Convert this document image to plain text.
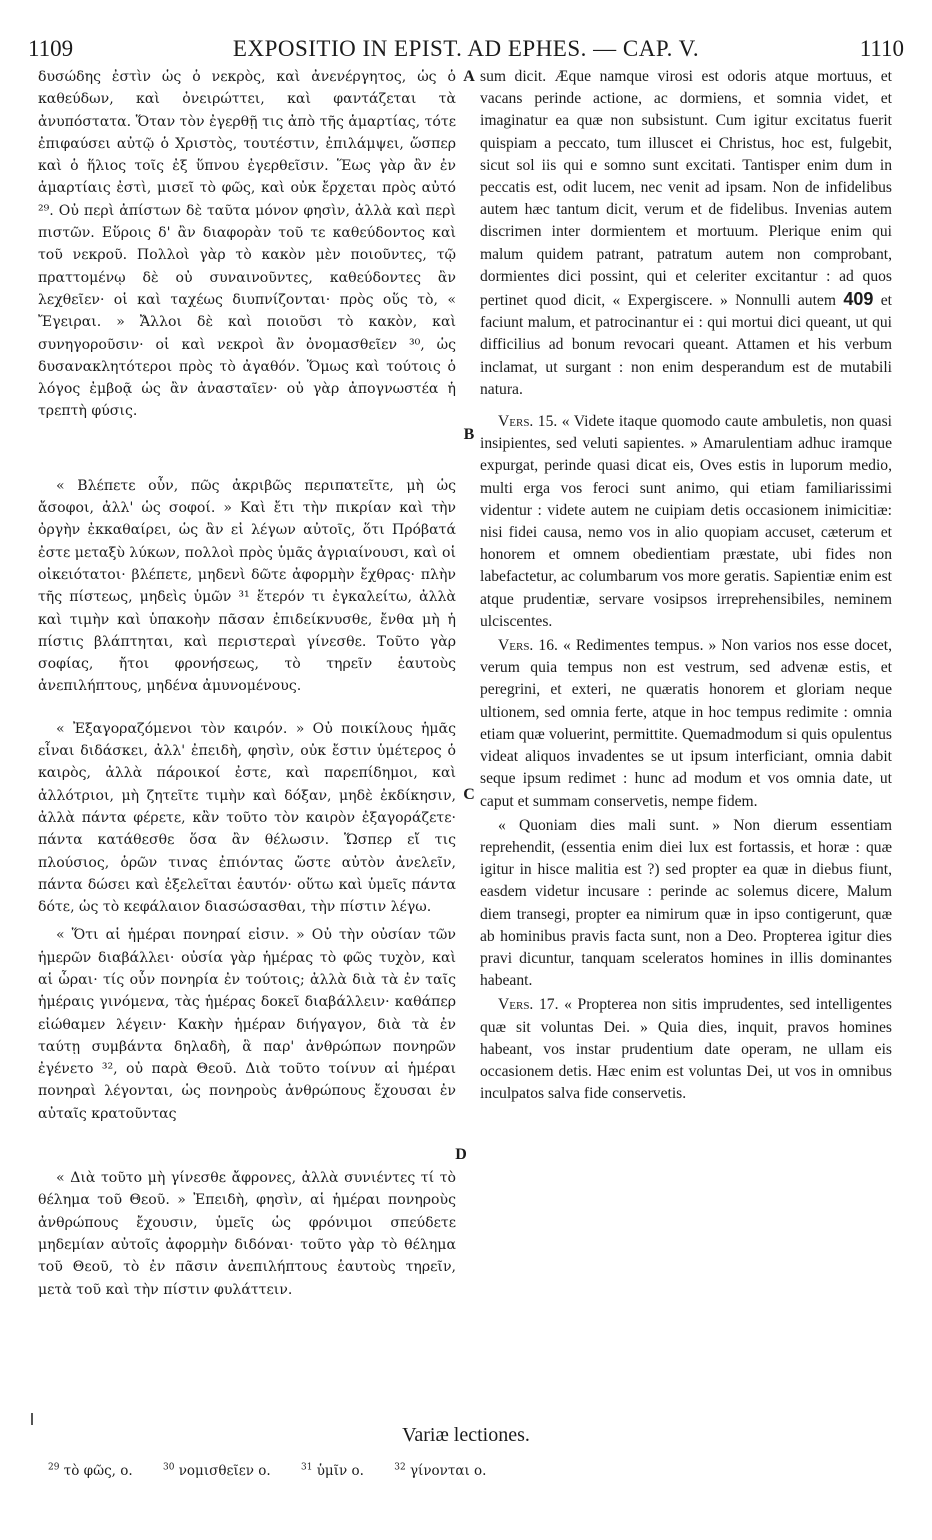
1109	EXPOSITIO IN EPIST. AD EPHES. — CAP. V.	1110

δυσώδης ἐστὶν ὡς ὁ νεκρὸς, καὶ ἀνενέργητος, ὡς ὁ καθεύδων, καὶ ὀνειρώττει, καὶ φαντάζεται τὰ ἀνυπόστατα. Ὅταν τὸν ἐγερθῇ τις ἀπὸ τῆς ἁμαρτίας, τότε ἐπιφαύσει αὐτῷ ὁ Χριστὸς, τουτέστιν, ἐπιλάμψει, ὥσπερ καὶ ὁ ἥλιος τοῖς ἐξ ὕπνου ἐγερθεῖσιν. Ἕως γὰρ ἂν ἐν ἁμαρτίαις ἐστὶ, μισεῖ τὸ φῶς, καὶ οὐκ ἔρχεται πρὸς αὐτό ²⁹. Οὐ περὶ ἀπίστων δὲ ταῦτα μόνον φησὶν, ἀλλὰ καὶ περὶ πιστῶν. Εὕροις δ' ἂν διαφορὰν τοῦ τε καθεύδοντος καὶ τοῦ νεκροῦ. Πολλοὶ γὰρ τὸ κακὸν μὲν ποιοῦντες, τῷ πραττομένῳ δὲ οὐ συναινοῦντες, καθεύδοντες ἂν λεχθεῖεν· οἱ καὶ ταχέως διυπνίζονται· πρὸς οὕς τὸ, « Ἔγειραι. » Ἄλλοι δὲ καὶ ποιοῦσι τὸ κακὸν, καὶ συνηγοροῦσιν· οἱ καὶ νεκροὶ ἂν ὀνομασθεῖεν ³⁰, ὡς δυσανακλητότεροι πρὸς τὸ ἀγαθόν. Ὅμως καὶ τούτοις ὁ λόγος ἐμβοᾷ ὡς ἂν ἀνασταῖεν· οὐ γὰρ ἀπογνωστέα ἡ τρεπτὴ φύσις.

« Βλέπετε οὖν, πῶς ἀκριβῶς περιπατεῖτε, μὴ ὡς ἄσοφοι, ἀλλ' ὡς σοφοί. » Καὶ ἔτι τὴν πικρίαν καὶ τὴν ὀργὴν ἐκκαθαίρει, ὡς ἂν εἰ λέγων αὐτοῖς, ὅτι Πρόβατά ἐστε μεταξὺ λύκων, πολλοὶ πρὸς ὑμᾶς ἀγριαίνουσι, καὶ οἱ οἰκειότατοι· βλέπετε, μηδενὶ δῶτε ἀφορμὴν ἔχθρας· πλὴν τῆς πίστεως, μηδεὶς ὑμῶν ³¹ ἕτερόν τι ἐγκαλείτω, ἀλλὰ καὶ τιμὴν καὶ ὑπακοὴν πᾶσαν ἐπιδείκνυσθε, ἔνθα μὴ ἡ πίστις βλάπτηται, καὶ περιστεραὶ γίνεσθε. Τοῦτο γὰρ σοφίας, ἤτοι φρονήσεως, τὸ τηρεῖν ἑαυτοὺς ἀνεπιλήπτους, μηδένα ἀμυνομένους.

« Ἐξαγοραζόμενοι τὸν καιρόν. » Οὐ ποικίλους ἡμᾶς εἶναι διδάσκει, ἀλλ' ἐπειδὴ, φησὶν, οὐκ ἔστιν ὑμέτερος ὁ καιρὸς, ἀλλὰ πάροικοί ἐστε, καὶ παρεπίδημοι, καὶ ἀλλότριοι, μὴ ζητεῖτε τιμὴν καὶ δόξαν, μηδὲ ἐκδίκησιν, ἀλλὰ πάντα φέρετε, κἂν τοῦτο τὸν καιρὸν ἐξαγοράζετε· πάντα κατάθεσθε ὅσα ἂν θέλωσιν. Ὥσπερ εἴ τις πλούσιος, ὁρῶν τινας ἐπιόντας ὥστε αὐτὸν ἀνελεῖν, πάντα δώσει καὶ ἐξελεῖται ἑαυτόν· οὕτω καὶ ὑμεῖς πάντα δότε, ὡς τὸ κεφάλαιον διασώσασθαι, τὴν πίστιν λέγω.

« Ὅτι αἱ ἡμέραι πονηραί εἰσιν. » Οὐ τὴν οὐσίαν τῶν ἡμερῶν διαβάλλει· οὐσία γὰρ ἡμέρας τὸ φῶς τυχὸν, καὶ αἱ ὧραι· τίς οὖν πονηρία ἐν τούτοις; ἀλλὰ διὰ τὰ ἐν ταῖς ἡμέραις γινόμενα, τὰς ἡμέρας δοκεῖ διαβάλλειν· καθάπερ εἰώθαμεν λέγειν· Κακὴν ἡμέραν διήγαγον, διὰ τὰ ἐν ταύτῃ συμβάντα δηλαδὴ, ἃ παρ' ἀνθρώπων πονηρῶν ἐγένετο ³², οὐ παρὰ Θεοῦ. Διὰ τοῦτο τοίνυν αἱ ἡμέραι πονηραὶ λέγονται, ὡς πονηροὺς ἀνθρώπους ἔχουσαι ἐν αὐταῖς κρατοῦντας

« Διὰ τοῦτο μὴ γίνεσθε ἄφρονες, ἀλλὰ συνιέντες τί τὸ θέλημα τοῦ Θεοῦ. » Ἐπειδὴ, φησὶν, αἱ ἡμέραι πονηροὺς ἀνθρώπους ἔχουσιν, ὑμεῖς ὡς φρόνιμοι σπεύδετε μηδεμίαν αὐτοῖς ἀφορμὴν διδόναι· τοῦτο γὰρ τὸ θέλημα τοῦ Θεοῦ, τὸ ἐν πᾶσιν ἀνεπιλήπτους ἑαυτοὺς τηρεῖν, μετὰ τοῦ καὶ τὴν πίστιν φυλάττειν.

A
B
C
D

sum dicit. Æque namque virosi est odoris atque mortuus, et vacans perinde actione, ac dormiens, et somnia videt, et imaginatur ea quæ non subsistunt. Cum igitur excitatus fuerit quispiam a peccato, tum illuscet ei Christus, hoc est, fulgebit, sicut sol iis qui e somno sunt excitati. Tantisper enim dum in peccatis est, odit lucem, nec venit ad ipsam. Non de infidelibus autem hæc tantum dicit, verum et de fidelibus. Invenias autem discrimen inter dormientem et mortuum. Plerique enim qui malum quidem patrant, patratum autem non comprobant, dormientes dici possint, qui et celeriter excitantur : ad quos pertinet quod dicit, « Expergiscere. » Nonnulli autem 409 et faciunt malum, et patrocinantur ei : qui mortui dici queant, ut qui difficilius ad bonum revocari queant. Attamen et his verbum inclamat, ut surgant : non enim desperandum est de mutabili natura.

Vers. 15. « Videte itaque quomodo caute ambuletis, non quasi insipientes, sed veluti sapientes. » Amarulentiam adhuc iramque expurgat, perinde quasi dicat eis, Oves estis in luporum medio, multi erga vos feroci sunt animo, qui etiam familiarissimi videntur : videte autem ne cuipiam detis occasionem inimicitiæ: nisi fidei causa, nemo vos in alio quopiam accuset, cæterum et honorem et omnem obedientiam præstate, ubi fides non labefactetur, ac columbarum vos more geratis. Sapientiæ enim est atque prudentiæ, servare vosipsos irreprehensibiles, neminem ulciscentes.

Vers. 16. « Redimentes tempus. » Non varios nos esse docet, verum quia tempus non est vestrum, sed advenæ estis, et peregrini, et exteri, ne quæratis honorem et gloriam neque ultionem, sed omnia ferte, atque in hoc tempus redimite : omnia etiam quæ voluerint, permittite. Quemadmodum si quis opulentus videat aliquos invadentes se ut ipsum interficiant, omnia dabit seque ipsum redimet : hunc ad modum et vos omnia date, ut caput et summam conservetis, nempe fidem.

« Quoniam dies mali sunt. » Non dierum essentiam reprehendit, (essentia enim diei lux est fortassis, et horæ : quæ igitur in hisce malitia est ?) sed propter ea quæ in diebus fiunt, easdem videtur incusare : perinde ac solemus dicere, Malum diem transegi, propter ea nimirum quæ in ipso contigerunt, quæ ab hominibus pravis facta sunt, non a Deo. Propterea igitur dies pravi dicuntur, tanquam sceleratos homines in illis dominantes habeant.

Vers. 17. « Propterea non sitis imprudentes, sed intelligentes quæ sit voluntas Dei. » Quia dies, inquit, pravos homines habeant, vos instar prudentium date operam, ne ullam eis occasionem detis. Hæc enim est voluntas Dei, ut vos in omnibus inculpatos salva fide conservetis.

Variæ lectiones.
$^{29}$ τὸ φῶς, ο.	$^{30}$ νομισθεῖεν ο.	$^{31}$ ὑμῖν ο.	$^{32}$ γίνονται ο.
